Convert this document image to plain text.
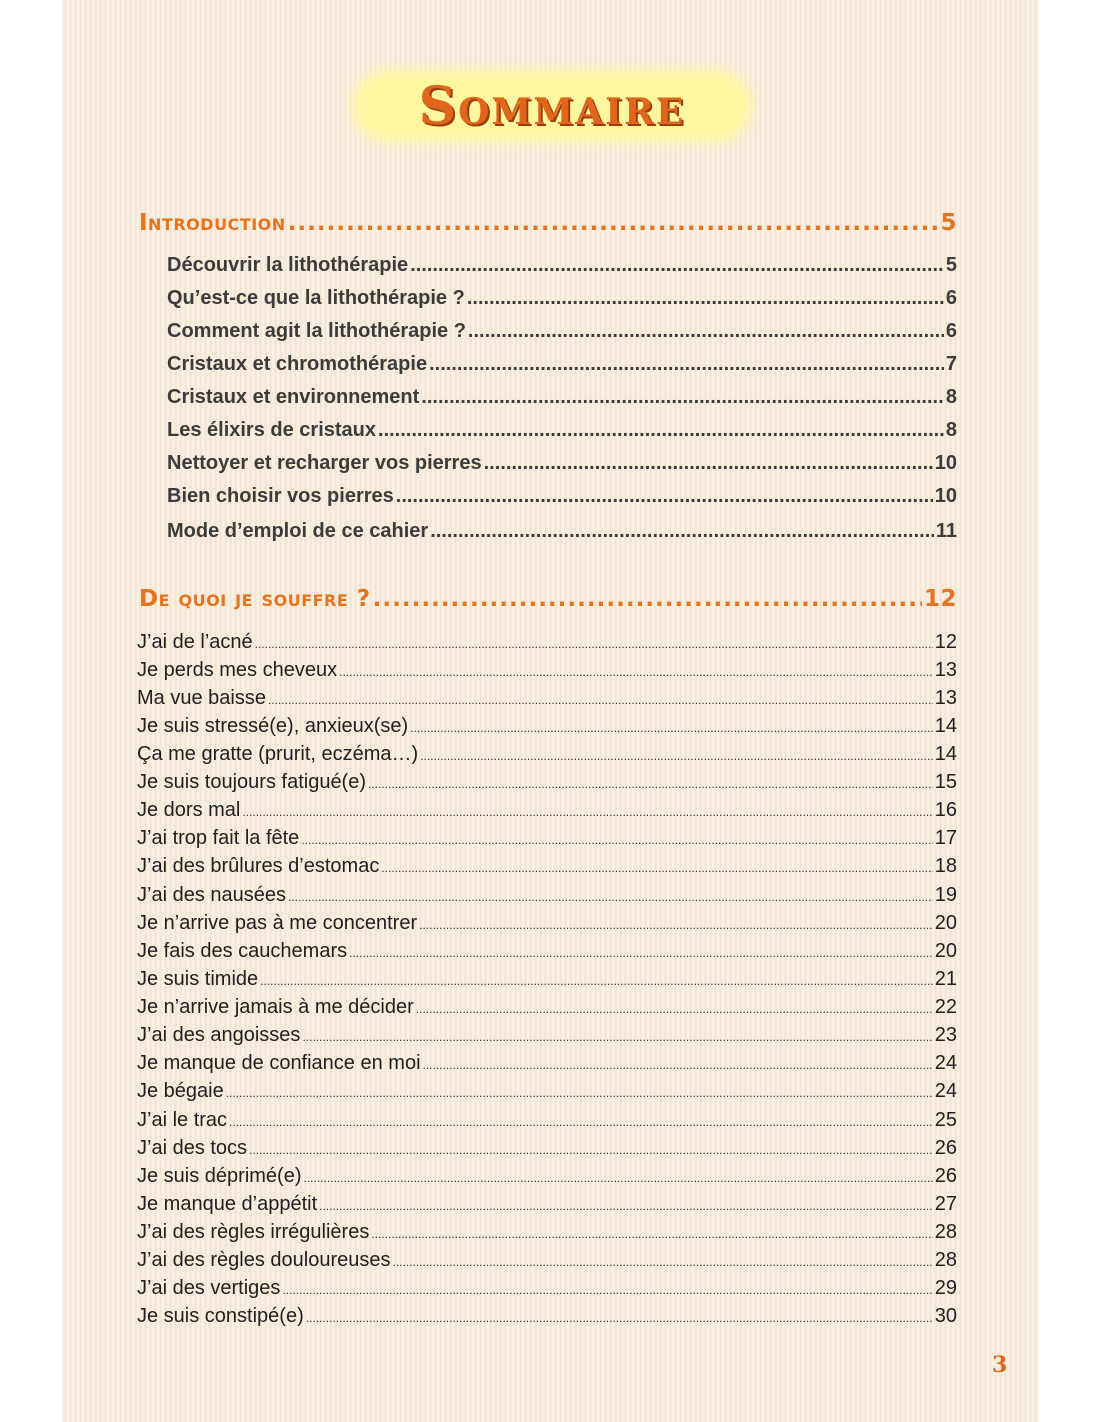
Sommaire
Introduction .....	5
Découvrir la lithothérapie .....	5
Qu’est-ce que la lithothérapie ? .....	6
Comment agit la lithothérapie ? .....	6
Cristaux et chromothérapie .....	7
Cristaux et environnement .....	8
Les élixirs de cristaux .....	8
Nettoyer et recharger vos pierres .....	10
Bien choisir vos pierres .....	10
Mode d’emploi de ce cahier .....	11
De quoi je souffre ? .....	12
J’ai de l’acné .....	12
Je perds mes cheveux .....	13
Ma vue baisse .....	13
Je suis stressé(e), anxieux(se) .....	14
Ça me gratte (prurit, eczéma…) .....	14
Je suis toujours fatigué(e) .....	15
Je dors mal .....	16
J’ai trop fait la fête .....	17
J’ai des brûlures d’estomac .....	18
J’ai des nausées .....	19
Je n’arrive pas à me concentrer .....	20
Je fais des cauchemars .....	20
Je suis timide .....	21
Je n’arrive jamais à me décider .....	22
J’ai des angoisses .....	23
Je manque de confiance en moi .....	24
Je bégaie .....	24
J’ai le trac .....	25
J’ai des tocs .....	26
Je suis déprimé(e) .....	26
Je manque d’appétit .....	27
J’ai des règles irrégulières .....	28
J’ai des règles douloureuses .....	28
J’ai des vertiges .....	29
Je suis constipé(e) .....	30
3
